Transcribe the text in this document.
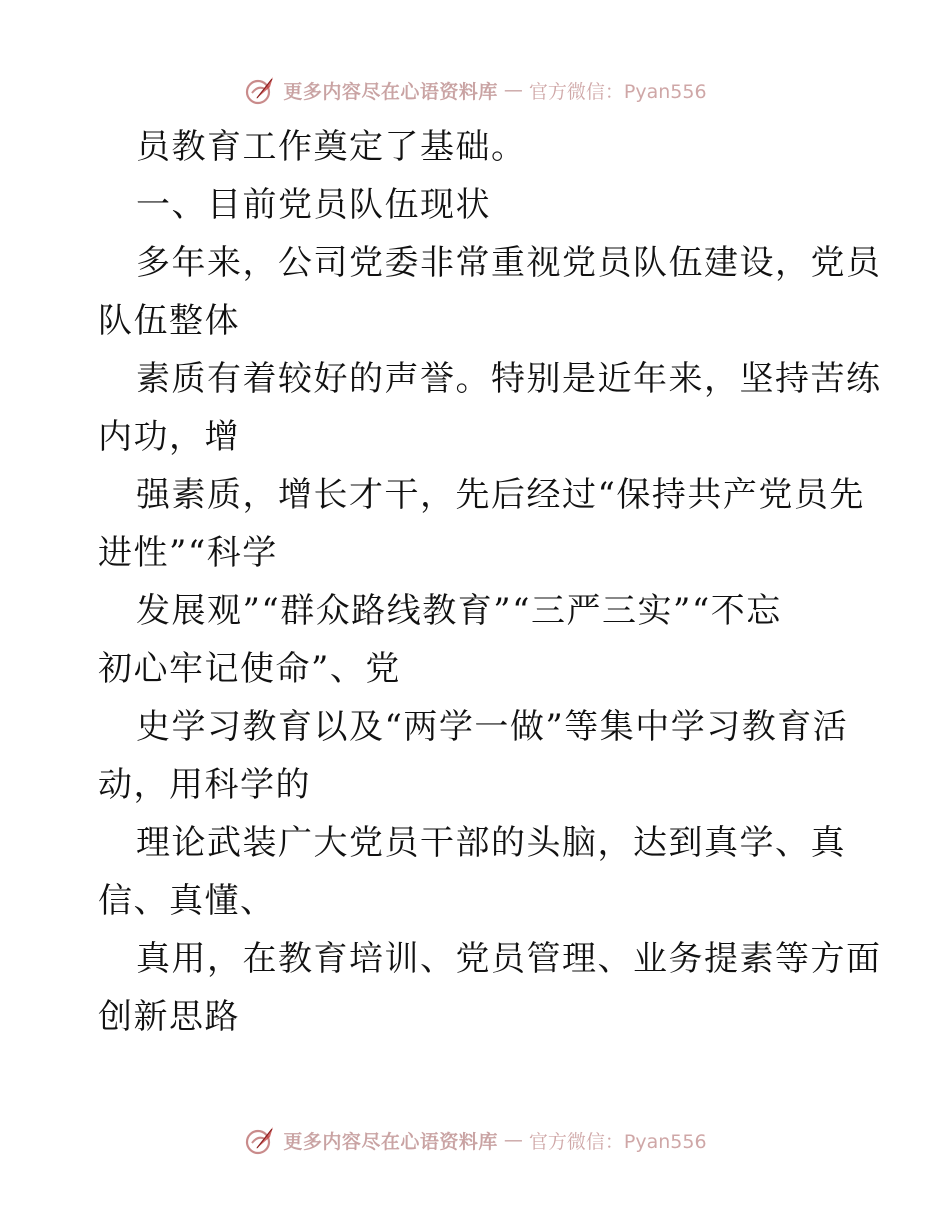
更多内容尽在心语资料库 — 官方微信：Pyan556
员教育工作奠定了基础。
一、目前党员队伍现状
多年来，公司党委非常重视党员队伍建设，党员
队伍整体
素质有着较好的声誉。特别是近年来，坚持苦练
内功，增
强素质，增长才干，先后经过“保持共产党员先
进性”“科学
发展观”“群众路线教育”“三严三实”“不忘
初心牢记使命”、党
史学习教育以及“两学一做”等集中学习教育活
动，用科学的
理论武装广大党员干部的头脑，达到真学、真
信、真懂、
真用，在教育培训、党员管理、业务提素等方面
创新思路
更多内容尽在心语资料库 — 官方微信：Pyan556
